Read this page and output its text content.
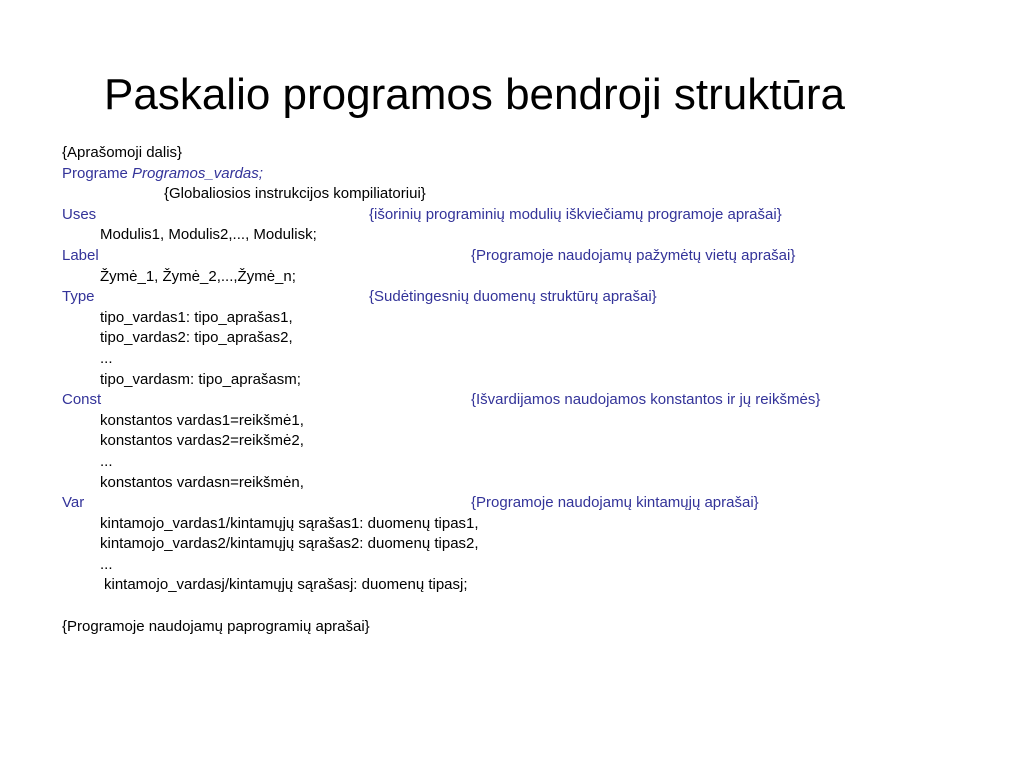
Paskalio programos bendroji struktūra
{Aprašomoji dalis}
Programe Programos_vardas;
{Globaliosios instrukcijos kompiliatoriui}
Uses	{išorinių programinių modulių iškviečiamų programoje aprašai}
Modulis1, Modulis2,..., Modulisk;
Label	{Programoje naudojamų pažymėtų vietų aprašai}
Žymė_1, Žymė_2,...,Žymė_n;
Type	{Sudėtingesnių duomenų struktūrų aprašai}
tipo_vardas1: tipo_aprašas1,
tipo_vardas2: tipo_aprašas2,
...
tipo_vardasm: tipo_aprašasm;
Const	{Išvardijamos naudojamos konstantos ir jų reikšmės}
konstantos vardas1=reikšmė1,
konstantos vardas2=reikšmė2,
...
konstantos vardasn=reikšmėn,
Var	{Programoje naudojamų kintamųjų aprašai}
kintamojo_vardas1/kintamųjų sąrašas1: duomenų tipas1,
kintamojo_vardas2/kintamųjų sąrašas2: duomenų tipas2,
...
kintamojo_vardasj/kintamųjų sąrašasj: duomenų tipasj;
{Programoje naudojamų paprogramių aprašai}
